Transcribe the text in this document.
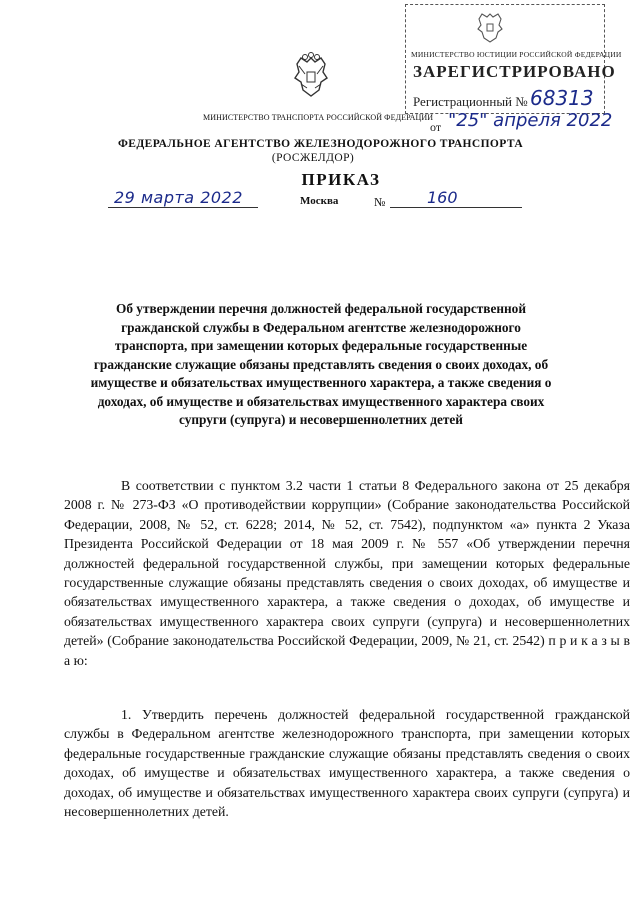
МИНИСТЕРСТВО ТРАНСПОРТА РОССИЙСКОЙ ФЕДЕРАЦИИ
ФЕДЕРАЛЬНОЕ АГЕНТСТВО ЖЕЛЕЗНОДОРОЖНОГО ТРАНСПОРТА
(РОСЖЕЛДОР)
ПРИКАЗ
29 марта 2022	Москва	№	160
МИНИСТЕРСТВО ЮСТИЦИИ РОССИЙСКОЙ ФЕДЕРАЦИИ
ЗАРЕГИСТРИРОВАНО
Регистрационный № 68313
от "25" апреля 2022
Об утверждении перечня должностей федеральной государственной гражданской службы в Федеральном агентстве железнодорожного транспорта, при замещении которых федеральные государственные гражданские служащие обязаны представлять сведения о своих доходах, об имуществе и обязательствах имущественного характера, а также сведения о доходах, об имуществе и обязательствах имущественного характера своих супруги (супруга) и несовершеннолетних детей

В соответствии с пунктом 3.2 части 1 статьи 8 Федерального закона от 25 декабря 2008 г. № 273-ФЗ «О противодействии коррупции» (Собрание законодательства Российской Федерации, 2008, № 52, ст. 6228; 2014, № 52, ст. 7542), подпунктом «а» пункта 2 Указа Президента Российской Федерации от 18 мая 2009 г. № 557 «Об утверждении перечня должностей федеральной государственной службы, при замещении которых федеральные государственные служащие обязаны представлять сведения о своих доходах, об имуществе и обязательствах имущественного характера, а также сведения о доходах, об имуществе и обязательствах имущественного характера своих супруги (супруга) и несовершеннолетних детей» (Собрание законодательства Российской Федерации, 2009, № 21, ст. 2542) п р и к а з ы в а ю:

1. Утвердить перечень должностей федеральной государственной гражданской службы в Федеральном агентстве железнодорожного транспорта, при замещении которых федеральные государственные гражданские служащие обязаны представлять сведения о своих доходах, об имуществе и обязательствах имущественного характера, а также сведения о доходах, об имуществе и обязательствах имущественного характера своих супруги (супруга) и несовершеннолетних детей.
